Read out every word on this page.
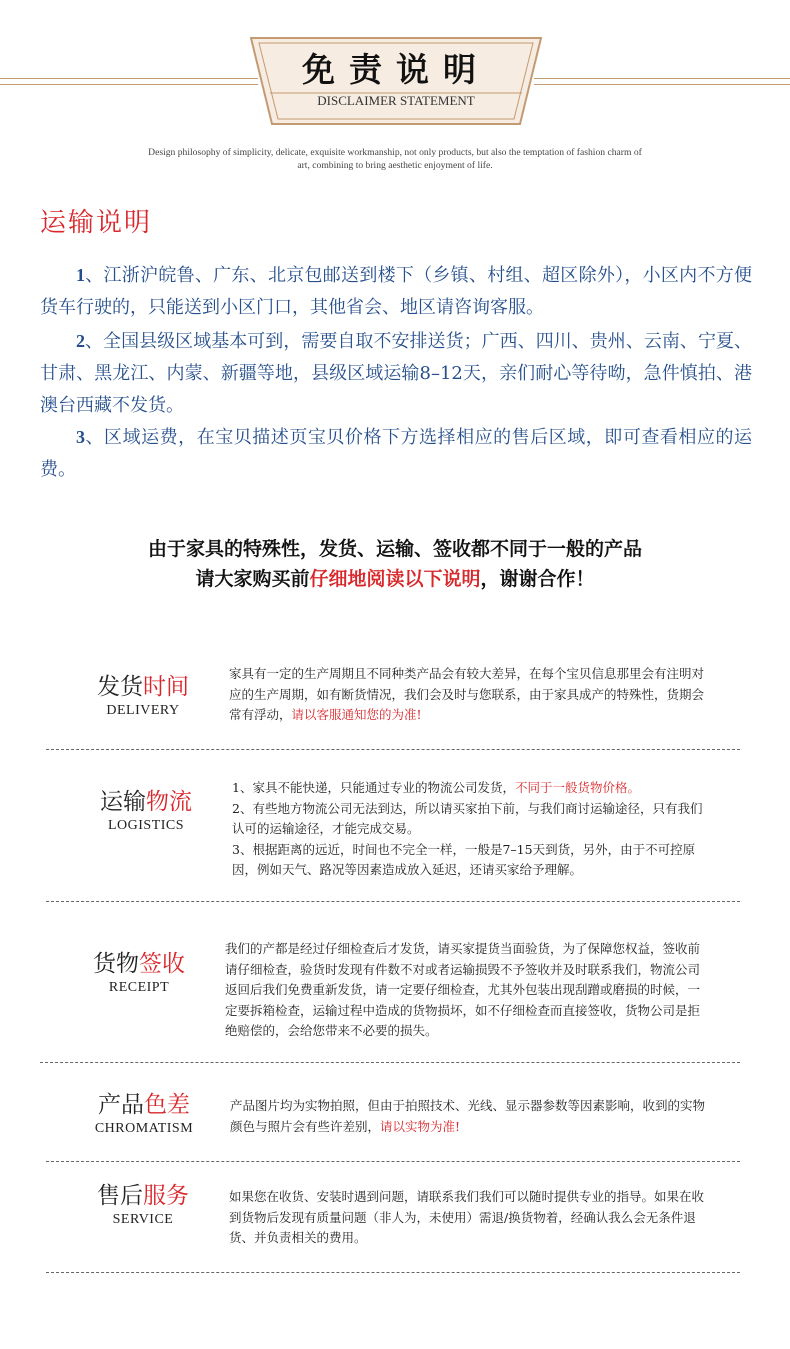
免责说明
DISCLAIMER STATEMENT
Design philosophy of simplicity, delicate, exquisite workmanship, not only products, but also the temptation of fashion charm of
art, combining to bring aesthetic enjoyment of life.
运输说明
1、江浙沪皖鲁、广东、北京包邮送到楼下（乡镇、村组、超区除外），小区内不方便货车行驶的，只能送到小区门口，其他省会、地区请咨询客服。
2、全国县级区域基本可到，需要自取不安排送货；广西、四川、贵州、云南、宁夏、甘肃、黑龙江、内蒙、新疆等地，县级区域运输8–12天，亲们耐心等待呦，急件慎拍、港澳台西藏不发货。
3、区域运费，在宝贝描述页宝贝价格下方选择相应的售后区域，即可查看相应的运费。
由于家具的特殊性，发货、运输、签收都不同于一般的产品
请大家购买前仔细地阅读以下说明，谢谢合作！
发货时间
DELIVERY

家具有一定的生产周期且不同种类产品会有较大差异，在每个宝贝信息那里会有注明对应的生产周期，如有断货情况，我们会及时与您联系，由于家具成产的特殊性，货期会常有浮动，请以客服通知您的为准!

运输物流
LOGISTICS

1、家具不能快递，只能通过专业的物流公司发货，不同于一般货物价格。

2、有些地方物流公司无法到达，所以请买家拍下前，与我们商讨运输途径，只有我们认可的运输途径，才能完成交易。

3、根据距离的远近，时间也不完全一样，一般是7–15天到货，另外，由于不可控原因，例如天气、路况等因素造成放入延迟，还请买家给予理解。

货物签收
RECEIPT

我们的产都是经过仔细检查后才发货，请买家提货当面验货，为了保障您权益，签收前请仔细检查，验货时发现有件数不对或者运输损毁不予签收并及时联系我们，物流公司返回后我们免费重新发货，请一定要仔细检查，尤其外包装出现刮蹭或磨损的时候，一定要拆箱检查，运输过程中造成的货物损坏，如不仔细检查而直接签收，货物公司是拒绝赔偿的，会给您带来不必要的损失。

产品色差
CHROMATISM

产品图片均为实物拍照，但由于拍照技术、光线、显示器参数等因素影响，收到的实物颜色与照片会有些许差别，请以实物为准!

售后服务
SERVICE

如果您在收货、安装时遇到问题，请联系我们我们可以随时提供专业的指导。如果在收到货物后发现有质量问题（非人为，未使用）需退/换货物着，经确认我么会无条件退货、并负责相关的费用。
